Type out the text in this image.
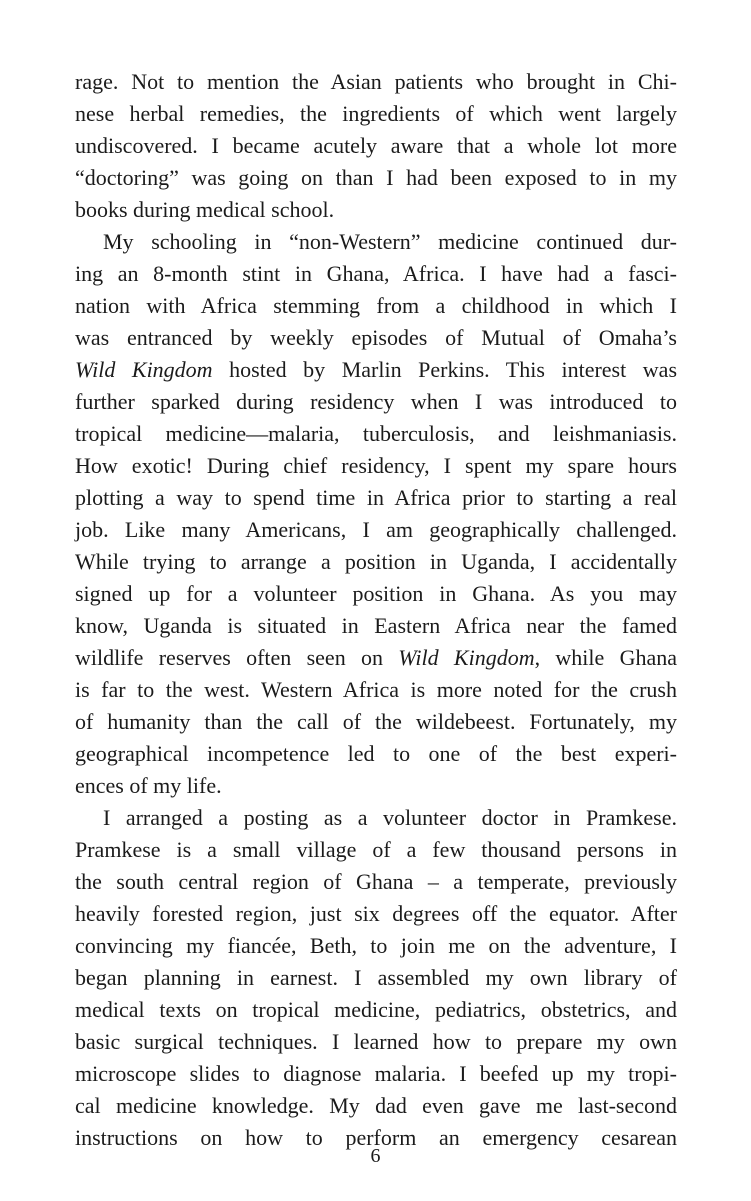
rage. Not to mention the Asian patients who brought in Chi-
nese herbal remedies, the ingredients of which went largely
undiscovered. I became acutely aware that a whole lot more
“doctoring” was going on than I had been exposed to in my
books during medical school.
My schooling in “non-Western” medicine continued dur-
ing an 8-month stint in Ghana, Africa. I have had a fasci-
nation with Africa stemming from a childhood in which I
was entranced by weekly episodes of Mutual of Omaha’s
Wild Kingdom hosted by Marlin Perkins. This interest was
further sparked during residency when I was introduced to
tropical medicine—malaria, tuberculosis, and leishmaniasis.
How exotic! During chief residency, I spent my spare hours
plotting a way to spend time in Africa prior to starting a real
job. Like many Americans, I am geographically challenged.
While trying to arrange a position in Uganda, I accidentally
signed up for a volunteer position in Ghana. As you may
know, Uganda is situated in Eastern Africa near the famed
wildlife reserves often seen on Wild Kingdom, while Ghana
is far to the west. Western Africa is more noted for the crush
of humanity than the call of the wildebeest. Fortunately, my
geographical incompetence led to one of the best experi-
ences of my life.
I arranged a posting as a volunteer doctor in Pramkese.
Pramkese is a small village of a few thousand persons in
the south central region of Ghana – a temperate, previously
heavily forested region, just six degrees off the equator. After
convincing my fiancée, Beth, to join me on the adventure, I
began planning in earnest. I assembled my own library of
medical texts on tropical medicine, pediatrics, obstetrics, and
basic surgical techniques. I learned how to prepare my own
microscope slides to diagnose malaria. I beefed up my tropi-
cal medicine knowledge. My dad even gave me last-second
instructions on how to perform an emergency cesarean
6
